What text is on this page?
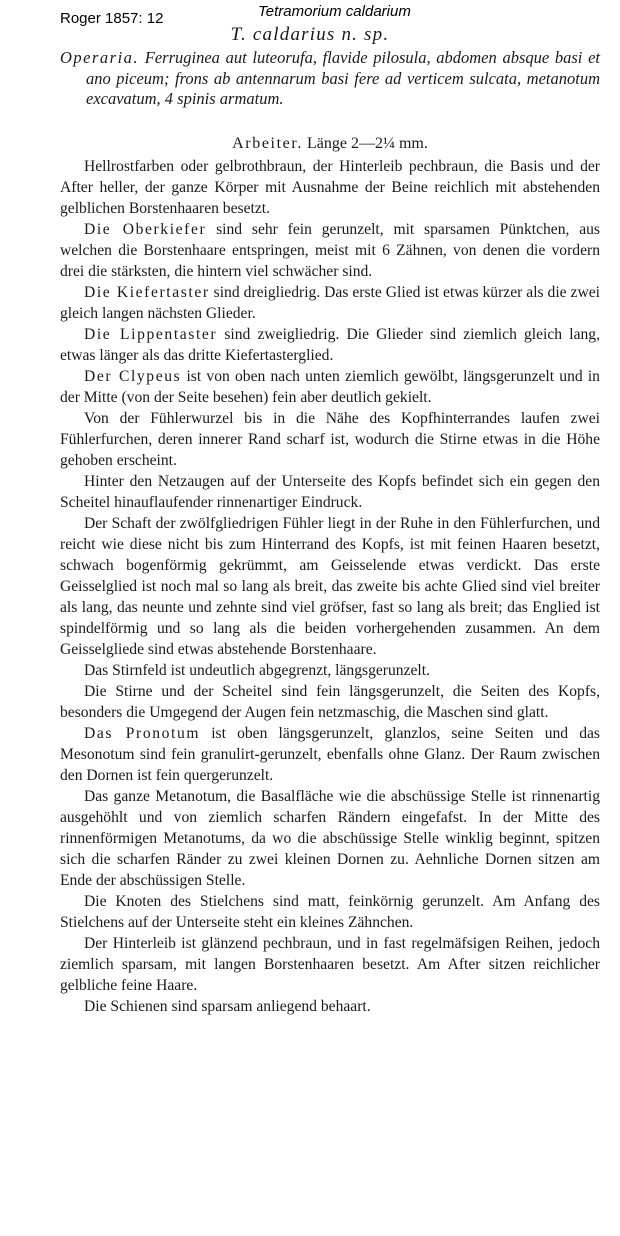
Roger 1857: 12	Tetramorium caldarium
T. caldarius n. sp.

Operaria. Ferruginea aut luteorufa, flavide pilosula, abdomen absque basi et ano piceum; frons ab antennarum basi fere ad verticem sulcata, metanotum excavatum, 4 spinis armatum.

Arbeiter. Länge 2—2¼ mm.

Hellrostfarben oder gelbrothbraun, der Hinterleib pechbraun, die Basis und der After heller, der ganze Körper mit Ausnahme der Beine reichlich mit abstehenden gelblichen Borstenhaaren besetzt.

Die Oberkiefer sind sehr fein gerunzelt, mit sparsamen Pünktchen, aus welchen die Borstenhaare entspringen, meist mit 6 Zähnen, von denen die vordern drei die stärksten, die hintern viel schwächer sind.

Die Kiefertaster sind dreigliedrig. Das erste Glied ist etwas kürzer als die zwei gleich langen nächsten Glieder.

Die Lippentaster sind zweigliedrig. Die Glieder sind ziemlich gleich lang, etwas länger als das dritte Kiefertasterglied.

Der Clypeus ist von oben nach unten ziemlich gewölbt, längsgerunzelt und in der Mitte (von der Seite besehen) fein aber deutlich gekielt.

Von der Fühlerwurzel bis in die Nähe des Kopfhinterrandes laufen zwei Fühlerfurchen, deren innerer Rand scharf ist, wodurch die Stirne etwas in die Höhe gehoben erscheint.

Hinter den Netzaugen auf der Unterseite des Kopfs befindet sich ein gegen den Scheitel hinauflaufender rinnenartiger Eindruck.

Der Schaft der zwölfgliedrigen Fühler liegt in der Ruhe in den Fühlerfurchen, und reicht wie diese nicht bis zum Hinterrand des Kopfs, ist mit feinen Haaren besetzt, schwach bogenförmig gekrümmt, am Geisselende etwas verdickt. Das erste Geisselglied ist noch mal so lang als breit, das zweite bis achte Glied sind viel breiter als lang, das neunte und zehnte sind viel gröfser, fast so lang als breit; das Englied ist spindelförmig und so lang als die beiden vorhergehenden zusammen. An dem Geisselgliede sind etwas abstehende Borstenhaare.

Das Stirnfeld ist undeutlich abgegrenzt, längsgerunzelt.

Die Stirne und der Scheitel sind fein längsgerunzelt, die Seiten des Kopfs, besonders die Umgegend der Augen fein netzmaschig, die Maschen sind glatt.

Das Pronotum ist oben längsgerunzelt, glanzlos, seine Seiten und das Mesonotum sind fein granulirt-gerunzelt, ebenfalls ohne Glanz. Der Raum zwischen den Dornen ist fein quergerunzelt.

Das ganze Metanotum, die Basalfläche wie die abschüssige Stelle ist rinnenartig ausgehöhlt und von ziemlich scharfen Rändern eingefafst. In der Mitte des rinnenförmigen Metanotums, da wo die abschüssige Stelle winklig beginnt, spitzen sich die scharfen Ränder zu zwei kleinen Dornen zu. Aehnliche Dornen sitzen am Ende der abschüssigen Stelle.

Die Knoten des Stielchens sind matt, feinkörnig gerunzelt. Am Anfang des Stielchens auf der Unterseite steht ein kleines Zähnchen.

Der Hinterleib ist glänzend pechbraun, und in fast regelmäfsigen Reihen, jedoch ziemlich sparsam, mit langen Borstenhaaren besetzt. Am After sitzen reichlicher gelbliche feine Haare.

Die Schienen sind sparsam anliegend behaart.
